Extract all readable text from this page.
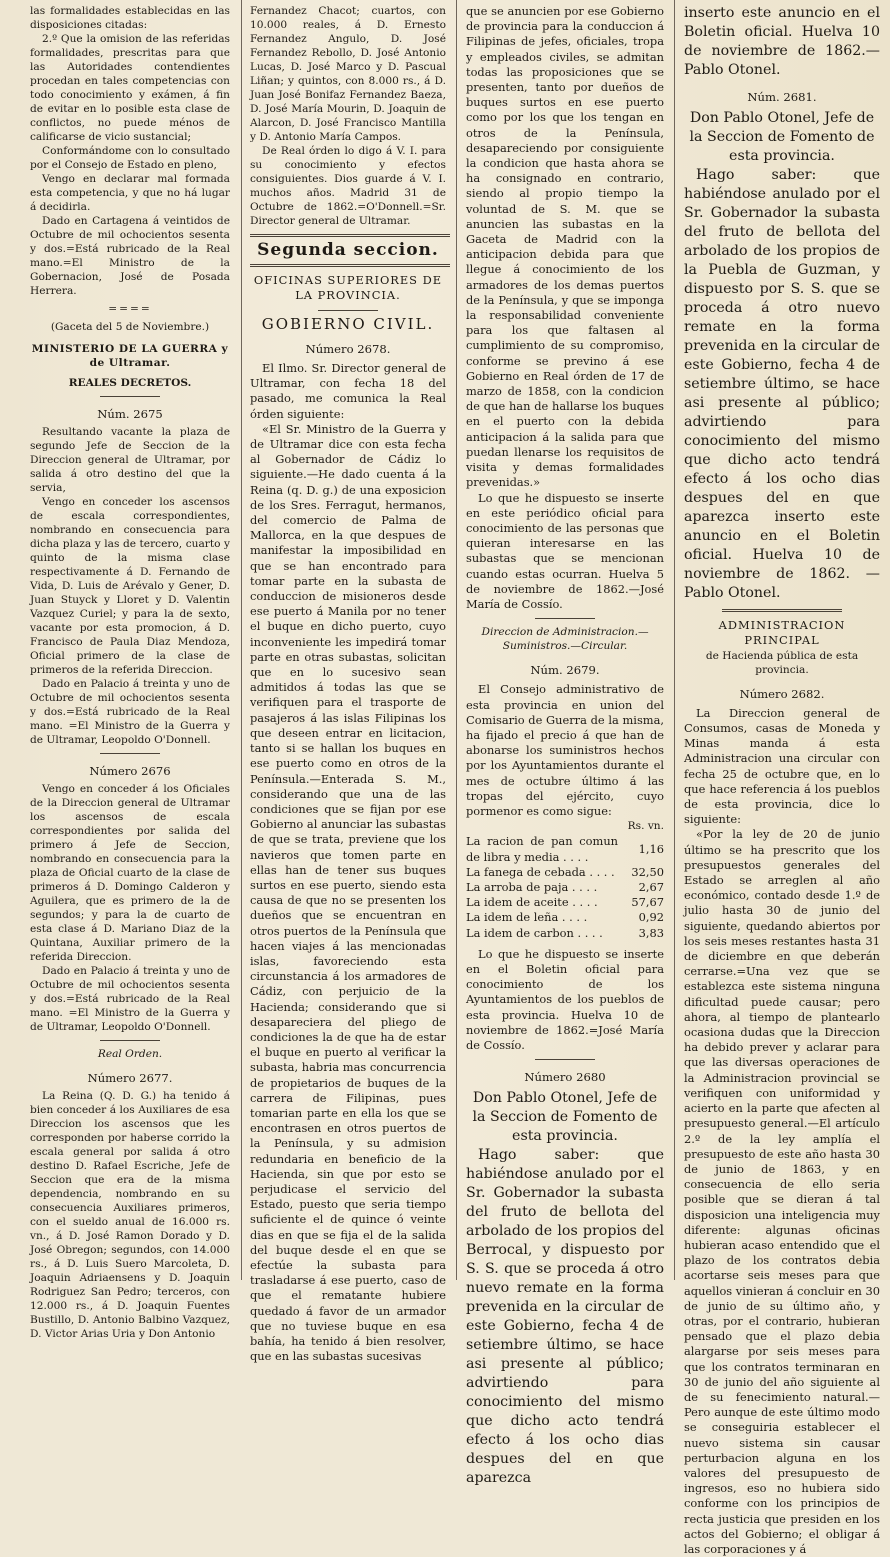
las formalidades establecidas en las disposiciones citadas:

2.º Que la omision de las referidas formalidades, prescritas para que las Autoridades contendientes procedan en tales competencias con todo conocimiento y exámen, á fin de evitar en lo posible esta clase de conflictos, no puede ménos de calificarse de vicio sustancial;

Conformándome con lo consultado por el Consejo de Estado en pleno,

Vengo en declarar mal formada esta competencia, y que no há lugar á decidirla.

Dado en Cartagena á veintidos de Octubre de mil ochocientos sesenta y dos.=Está rubricado de la Real mano.=El Ministro de la Gobernacion, José de Posada Herrera.

====
(Gaceta del 5 de Noviembre.)
MINISTERIO DE LA GUERRA y de Ultramar.
REALES DECRETOS.
Núm. 2675

Resultando vacante la plaza de segundo Jefe de Seccion de la Direccion general de Ultramar, por salida á otro destino del que la servia,

Vengo en conceder los ascensos de escala correspondientes, nombrando en consecuencia para dicha plaza y las de tercero, cuarto y quinto de la misma clase respectivamente á D. Fernando de Vida, D. Luis de Arévalo y Gener, D. Juan Stuyck y Lloret y D. Valentin Vazquez Curiel; y para la de sexto, vacante por esta promocion, á D. Francisco de Paula Diaz Mendoza, Oficial primero de la clase de primeros de la referida Direccion.

Dado en Palacio á treinta y uno de Octubre de mil ochocientos sesenta y dos.=Está rubricado de la Real mano. =El Ministro de la Guerra y de Ultramar, Leopoldo O'Donnell.

Número 2676

Vengo en conceder á los Oficiales de la Direccion general de Ultramar los ascensos de escala correspondientes por salida del primero á Jefe de Seccion, nombrando en consecuencia para la plaza de Oficial cuarto de la clase de primeros á D. Domingo Calderon y Aguilera, que es primero de la de segundos; y para la de cuarto de esta clase á D. Mariano Diaz de la Quintana, Auxiliar primero de la referida Direccion.

Dado en Palacio á treinta y uno de Octubre de mil ochocientos sesenta y dos.=Está rubricado de la Real mano. =El Ministro de la Guerra y de Ultramar, Leopoldo O'Donnell.

Real Orden.
Número 2677.

La Reina (Q. D. G.) ha tenido á bien conceder á los Auxiliares de esa Direccion los ascensos que les corresponden por haberse corrido la escala general por salida á otro destino D. Rafael Escriche, Jefe de Seccion que era de la misma dependencia, nombrando en su consecuencia Auxiliares primeros, con el sueldo anual de 16.000 rs. vn., á D. José Ramon Dorado y D. José Obregon; segundos, con 14.000 rs., á D. Luis Suero Marcoleta, D. Joaquin Adriaensens y D. Joaquin Rodriguez San Pedro; terceros, con 12.000 rs., á D. Joaquin Fuentes Bustillo, D. Antonio Balbino Vazquez, D. Victor Arias Uria y Don Antonio

Fernandez Chacot; cuartos, con 10.000 reales, á D. Ernesto Fernandez Angulo, D. José Fernandez Rebollo, D. José Antonio Lucas, D. José Marco y D. Pascual Liñan; y quintos, con 8.000 rs., á D. Juan José Bonifaz Fernandez Baeza, D. José María Mourin, D. Joaquin de Alarcon, D. José Francisco Mantilla y D. Antonio María Campos.

De Real órden lo digo á V. I. para su conocimiento y efectos consiguientes. Dios guarde á V. I. muchos años. Madrid 31 de Octubre de 1862.=O'Donnell.=Sr. Director general de Ultramar.

Segunda seccion.
OFICINAS SUPERIORES DE LA PROVINCIA.
GOBIERNO CIVIL.
Número 2678.

El Ilmo. Sr. Director general de Ultramar, con fecha 18 del pasado, me comunica la Real órden siguiente:

«El Sr. Ministro de la Guerra y de Ultramar dice con esta fecha al Gobernador de Cádiz lo siguiente.—He dado cuenta á la Reina (q. D. g.) de una exposicion de los Sres. Ferragut, hermanos, del comercio de Palma de Mallorca, en la que despues de manifestar la imposibilidad en que se han encontrado para tomar parte en la subasta de conduccion de misioneros desde ese puerto á Manila por no tener el buque en dicho puerto, cuyo inconveniente les impedirá tomar parte en otras subastas, solicitan que en lo sucesivo sean admitidos á todas las que se verifiquen para el trasporte de pasajeros á las islas Filipinas los que deseen entrar en licitacion, tanto si se hallan los buques en ese puerto como en otros de la Península.—Enterada S. M., considerando que una de las condiciones que se fijan por ese Gobierno al anunciar las subastas de que se trata, previene que los navieros que tomen parte en ellas han de tener sus buques surtos en ese puerto, siendo esta causa de que no se presenten los dueños que se encuentran en otros puertos de la Península que hacen viajes á las mencionadas islas, favoreciendo esta circunstancia á los armadores de Cádiz, con perjuicio de la Hacienda; considerando que si desapareciera del pliego de condiciones la de que ha de estar el buque en puerto al verificar la subasta, habria mas concurrencia de propietarios de buques de la carrera de Filipinas, pues tomarian parte en ella los que se encontrasen en otros puertos de la Península, y su admision redundaria en beneficio de la Hacienda, sin que por esto se perjudicase el servicio del Estado, puesto que seria tiempo suficiente el de quince ó veinte dias en que se fija el de la salida del buque desde el en que se efectúe la subasta para trasladarse á ese puerto, caso de que el rematante hubiere quedado á favor de un armador que no tuviese buque en esa bahía, ha tenido á bien resolver, que en las subastas sucesivas

que se anuncien por ese Gobierno de provincia para la conduccion á Filipinas de jefes, oficiales, tropa y empleados civiles, se admitan todas las proposiciones que se presenten, tanto por dueños de buques surtos en ese puerto como por los que los tengan en otros de la Península, desapareciendo por consiguiente la condicion que hasta ahora se ha consignado en contrario, siendo al propio tiempo la voluntad de S. M. que se anuncien las subastas en la Gaceta de Madrid con la anticipacion debida para que llegue á conocimiento de los armadores de los demas puertos de la Península, y que se imponga la responsabilidad conveniente para los que faltasen al cumplimiento de su compromiso, conforme se previno á ese Gobierno en Real órden de 17 de marzo de 1858, con la condicion de que han de hallarse los buques en el puerto con la debida anticipacion á la salida para que puedan llenarse los requisitos de visita y demas formalidades prevenidas.»

Lo que he dispuesto se inserte en este periódico oficial para conocimiento de las personas que quieran interesarse en las subastas que se mencionan cuando estas ocurran. Huelva 5 de noviembre de 1862.—José María de Cossío.

Direccion de Administracion.—Suministros.—Circular.
Núm. 2679.

El Consejo administrativo de esta provincia en union del Comisario de Guerra de la misma, ha fijado el precio á que han de abonarse los suministros hechos por los Ayuntamientos durante el mes de octubre último á las tropas del ejército, cuyo pormenor es como sigue:

Rs. vn.
La racion de pan comun de libra y media . . . .	1,16
La fanega de cebada . . . .	32,50
La arroba de paja . . . .	2,67
La idem de aceite . . . .	57,67
La idem de leña . . . .	0,92
La idem de carbon . . . .	3,83

Lo que he dispuesto se inserte en el Boletin oficial para conocimiento de los Ayuntamientos de los pueblos de esta provincia. Huelva 10 de noviembre de 1862.=José María de Cossío.

Número 2680

Don Pablo Otonel, Jefe de la Seccion de Fomento de esta provincia.

Hago saber: que habiéndose anulado por el Sr. Gobernador la subasta del fruto de bellota del arbolado de los propios del Berrocal, y dispuesto por S. S. que se proceda á otro nuevo remate en la forma prevenida en la circular de este Gobierno, fecha 4 de setiembre último, se hace asi presente al público; advirtiendo para conocimiento del mismo que dicho acto tendrá efecto á los ocho dias despues del en que aparezca

inserto este anuncio en el Boletin oficial. Huelva 10 de noviembre de 1862.—Pablo Otonel.

Núm. 2681.

Don Pablo Otonel, Jefe de la Seccion de Fomento de esta provincia.

Hago saber: que habiéndose anulado por el Sr. Gobernador la subasta del fruto de bellota del arbolado de los propios de la Puebla de Guzman, y dispuesto por S. S. que se proceda á otro nuevo remate en la forma prevenida en la circular de este Gobierno, fecha 4 de setiembre último, se hace asi presente al público; advirtiendo para conocimiento del mismo que dicho acto tendrá efecto á los ocho dias despues del en que aparezca inserto este anuncio en el Boletin oficial. Huelva 10 de noviembre de 1862. —Pablo Otonel.

ADMINISTRACION PRINCIPAL
de Hacienda pública de esta provincia.
Número 2682.

La Direccion general de Consumos, casas de Moneda y Minas manda á esta Administracion una circular con fecha 25 de octubre que, en lo que hace referencia á los pueblos de esta provincia, dice lo siguiente:

«Por la ley de 20 de junio último se ha prescrito que los presupuestos generales del Estado se arreglen al año económico, contado desde 1.º de julio hasta 30 de junio del siguiente, quedando abiertos por los seis meses restantes hasta 31 de diciembre en que deberán cerrarse.=Una vez que se establezca este sistema ninguna dificultad puede causar; pero ahora, al tiempo de plantearlo ocasiona dudas que la Direccion ha debido prever y aclarar para que las diversas operaciones de la Administracion provincial se verifiquen con uniformidad y acierto en la parte que afecten al presupuesto general.—El artículo 2.º de la ley amplía el presupuesto de este año hasta 30 de junio de 1863, y en consecuencia de ello seria posible que se dieran á tal disposicion una inteligencia muy diferente: algunas oficinas hubieran acaso entendido que el plazo de los contratos debia acortarse seis meses para que aquellos vinieran á concluir en 30 de junio de su último año, y otras, por el contrario, hubieran pensado que el plazo debia alargarse por seis meses para que los contratos terminaran en 30 de junio del año siguiente al de su fenecimiento natural.—Pero aunque de este último modo se conseguiria establecer el nuevo sistema sin causar perturbacion alguna en los valores del presupuesto de ingresos, eso no hubiera sido conforme con los principios de recta justicia que presiden en los actos del Gobierno; el obligar á las corporaciones y á
